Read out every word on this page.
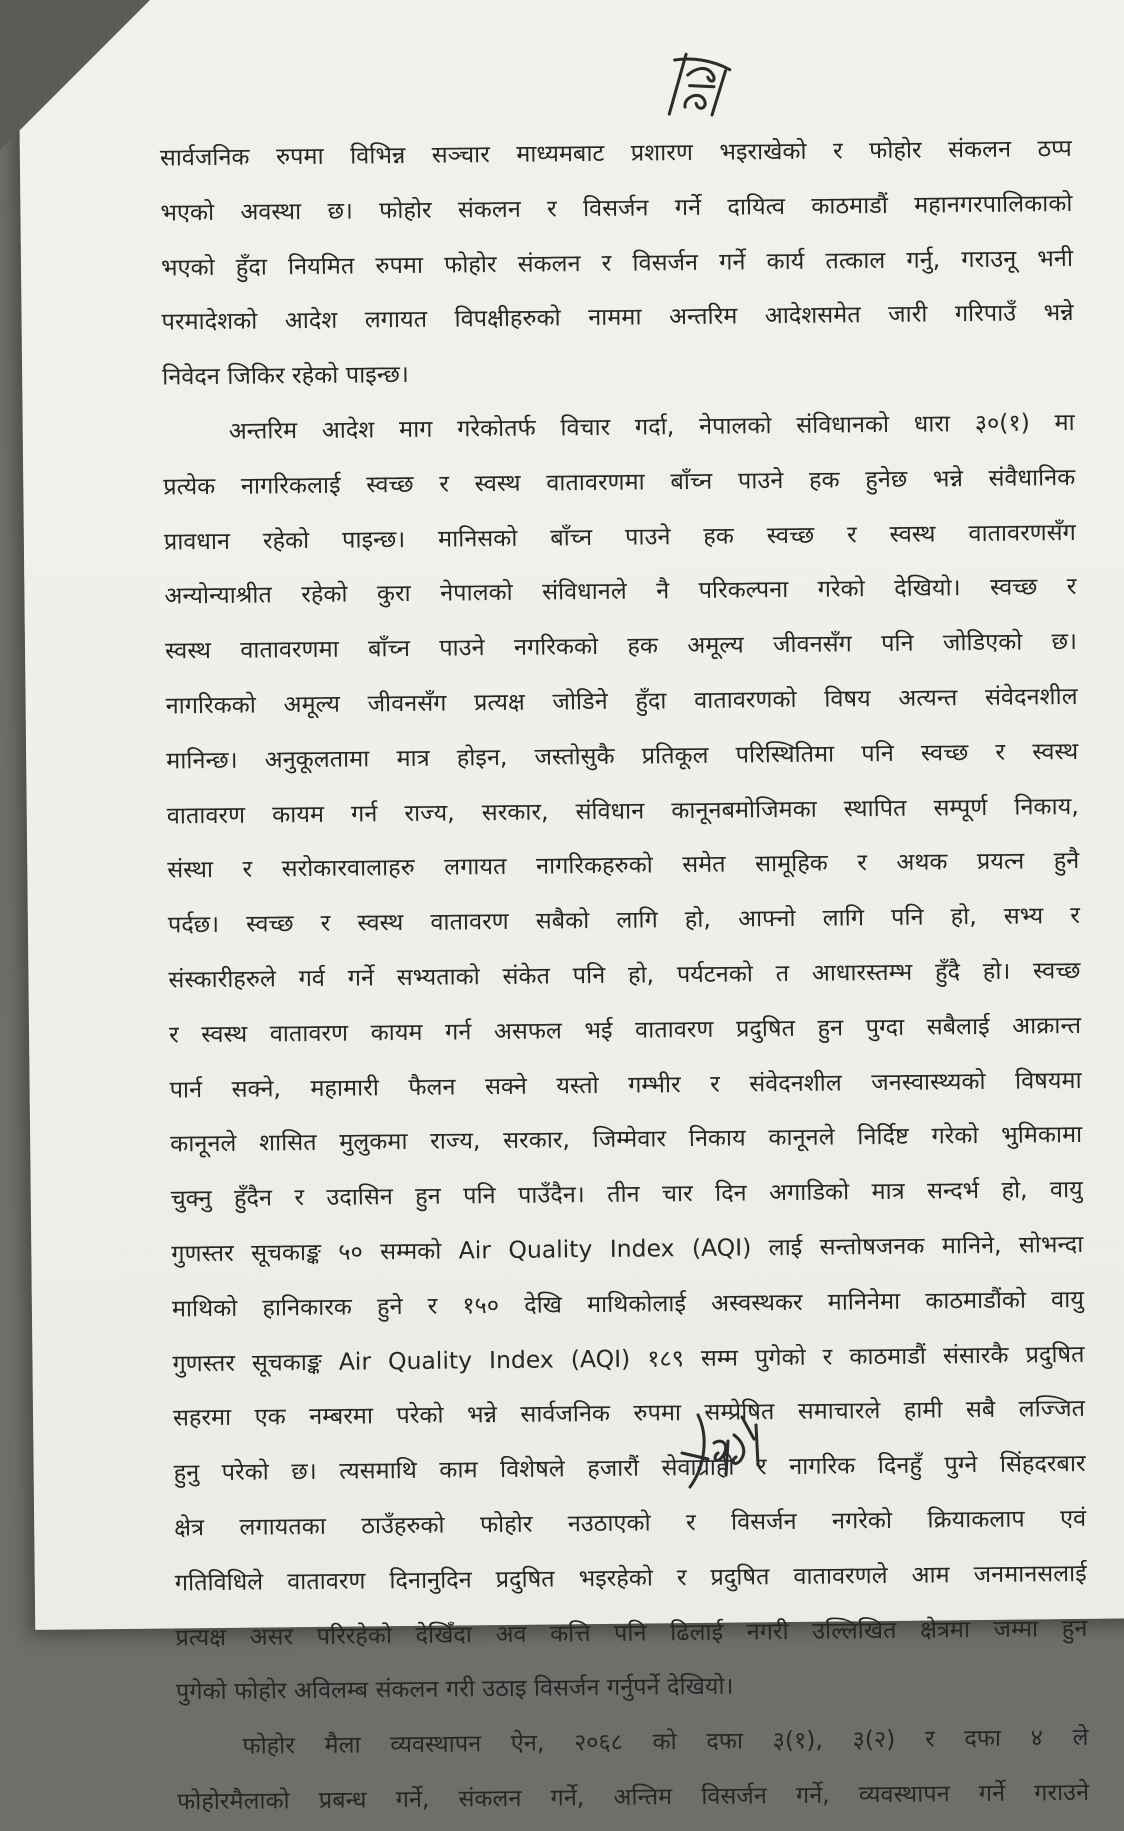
सार्वजनिक रुपमा विभिन्न सञ्चार माध्यमबाट प्रशारण भइराखेको र फोहोर संकलन ठप्प
भएको अवस्था छ। फोहोर संकलन र विसर्जन गर्ने दायित्व काठमाडौं महानगरपालिकाको
भएको हुँदा नियमित रुपमा फोहोर संकलन र विसर्जन गर्ने कार्य तत्काल गर्नु, गराउनू भनी
परमादेशको आदेश लगायत विपक्षीहरुको नाममा अन्तरिम आदेशसमेत जारी गरिपाउँ भन्ने
निवेदन जिकिर रहेको पाइन्छ।
अन्तरिम आदेश माग गरेकोतर्फ विचार गर्दा, नेपालको संविधानको धारा ३०(१) मा
प्रत्येक नागरिकलाई स्वच्छ र स्वस्थ वातावरणमा बाँच्न पाउने हक हुनेछ भन्ने संवैधानिक
प्रावधान रहेको पाइन्छ। मानिसको बाँच्न पाउने हक स्वच्छ र स्वस्थ वातावरणसँग
अन्योन्याश्रीत रहेको कुरा नेपालको संविधानले नै परिकल्पना गरेको देखियो। स्वच्छ र
स्वस्थ वातावरणमा बाँच्न पाउने नगरिकको हक अमूल्य जीवनसँग पनि जोडिएको छ।
नागरिकको अमूल्य जीवनसँग प्रत्यक्ष जोडिने हुँदा वातावरणको विषय अत्यन्त संवेदनशील
मानिन्छ। अनुकूलतामा मात्र होइन, जस्तोसुकै प्रतिकूल परिस्थितिमा पनि स्वच्छ र स्वस्थ
वातावरण कायम गर्न राज्य, सरकार, संविधान कानूनबमोजिमका स्थापित सम्पूर्ण निकाय,
संस्था र सरोकारवालाहरु लगायत नागरिकहरुको समेत सामूहिक र अथक प्रयत्न हुनै
पर्दछ। स्वच्छ र स्वस्थ वातावरण सबैको लागि हो, आफ्नो लागि पनि हो, सभ्य र
संस्कारीहरुले गर्व गर्ने सभ्यताको संकेत पनि हो, पर्यटनको त आधारस्तम्भ हुँदै हो। स्वच्छ
र स्वस्थ वातावरण कायम गर्न असफल भई वातावरण प्रदुषित हुन पुग्दा सबैलाई आक्रान्त
पार्न सक्ने, महामारी फैलन सक्ने यस्तो गम्भीर र संवेदनशील जनस्वास्थ्यको विषयमा
कानूनले शासित मुलुकमा राज्य, सरकार, जिम्मेवार निकाय कानूनले निर्दिष्ट गरेको भुमिकामा
चुक्नु हुँदैन र उदासिन हुन पनि पाउँदैन। तीन चार दिन अगाडिको मात्र सन्दर्भ हो, वायु
गुणस्तर सूचकाङ्क ५० सम्मको Air Quality Index (AQI) लाई सन्तोषजनक मानिने, सोभन्दा
माथिको हानिकारक हुने र १५० देखि माथिकोलाई अस्वस्थकर मानिनेमा काठमाडौंको वायु
गुणस्तर सूचकाङ्क Air Quality Index (AQI) १८९ सम्म पुगेको र काठमाडौं संसारकै प्रदुषित
सहरमा एक नम्बरमा परेको भन्ने सार्वजनिक रुपमा सम्प्रेषित समाचारले हामी सबै लज्जित
हुनु परेको छ। त्यसमाथि काम विशेषले हजारौं सेवाग्राही र नागरिक दिनहुँ पुग्ने सिंहदरबार
क्षेत्र लगायतका ठाउँहरुको फोहोर नउठाएको र विसर्जन नगरेको क्रियाकलाप एवं
गतिविधिले वातावरण दिनानुदिन प्रदुषित भइरहेको र प्रदुषित वातावरणले आम जनमानसलाई
प्रत्यक्ष असर परिरहेको देखिँदा अव कत्ति पनि ढिलाई नगरी उल्लिखित क्षेत्रमा जम्मा हुन
पुगेको फोहोर अविलम्ब संकलन गरी उठाइ विसर्जन गर्नुपर्ने देखियो।
फोहोर मैला व्यवस्थापन ऐन, २०६८ को दफा ३(१), ३(२) र दफा ४ ले
फोहोरमैलाको प्रबन्ध गर्ने, संकलन गर्ने, अन्तिम विसर्जन गर्ने, व्यवस्थापन गर्ने गराउने
